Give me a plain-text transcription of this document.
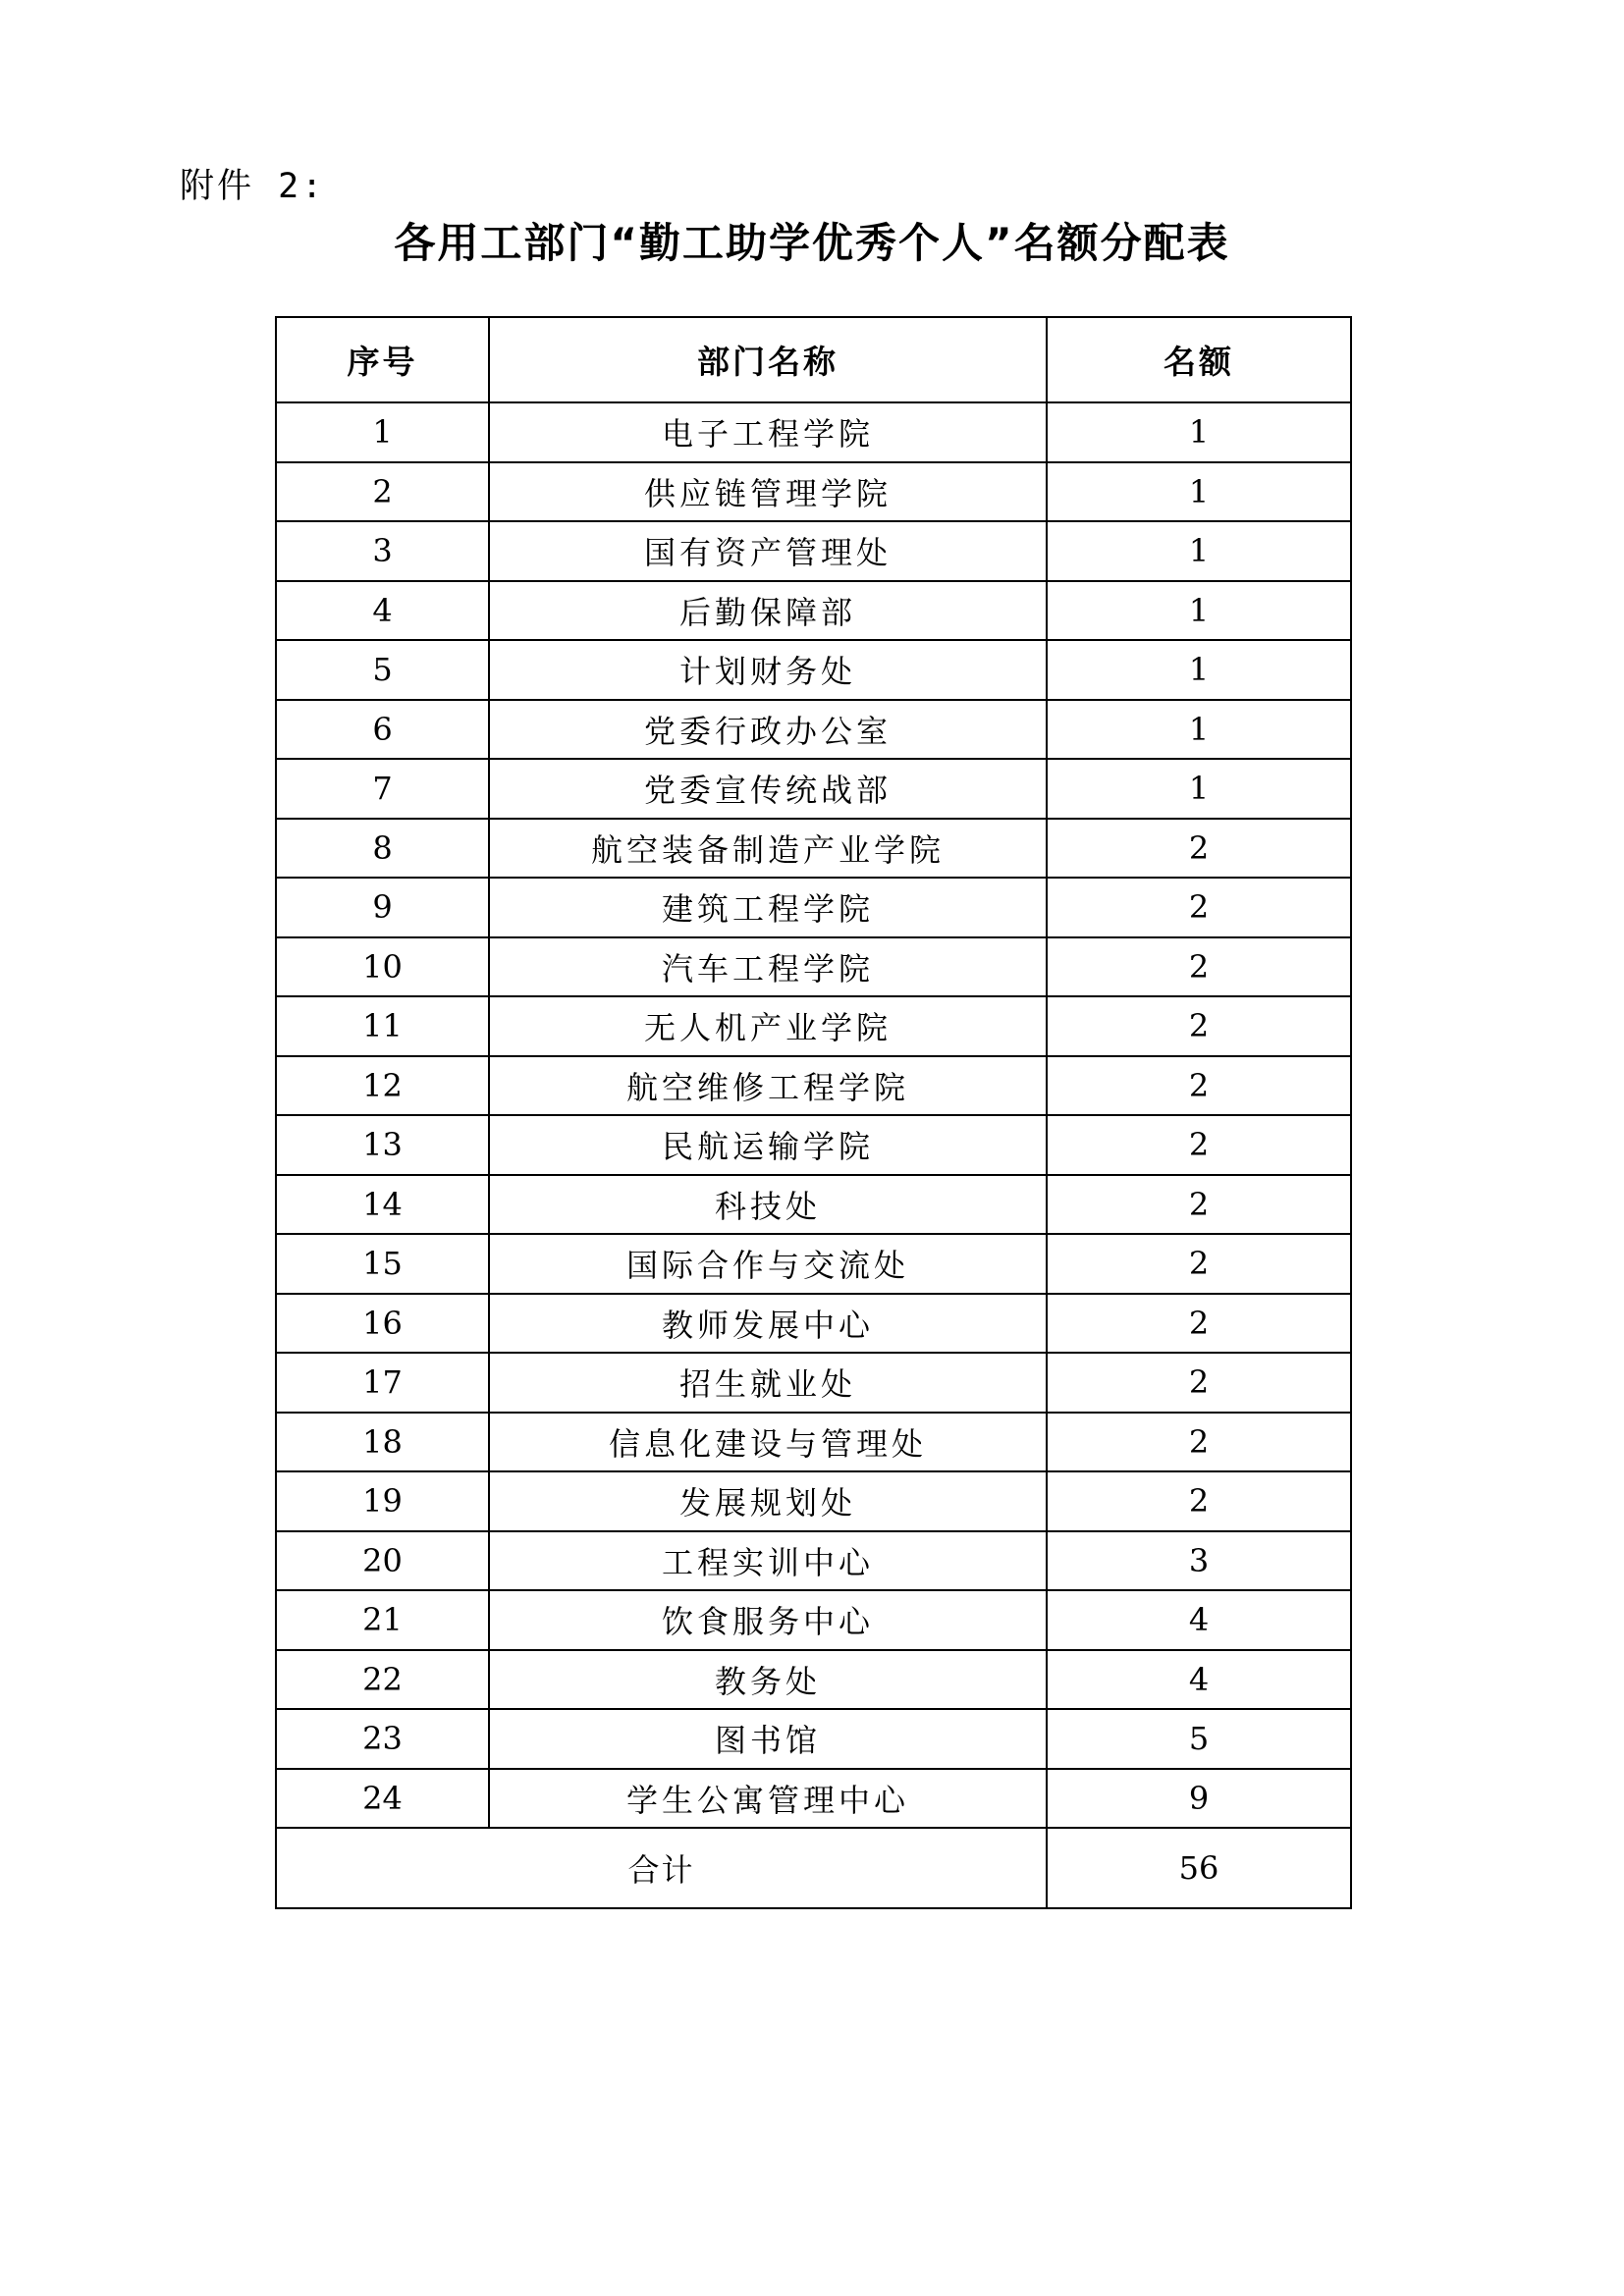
附件 2:
各用工部门“勤工助学优秀个人”名额分配表
序号	部门名称	名额
1	电子工程学院	1
2	供应链管理学院	1
3	国有资产管理处	1
4	后勤保障部	1
5	计划财务处	1
6	党委行政办公室	1
7	党委宣传统战部	1
8	航空装备制造产业学院	2
9	建筑工程学院	2
10	汽车工程学院	2
11	无人机产业学院	2
12	航空维修工程学院	2
13	民航运输学院	2
14	科技处	2
15	国际合作与交流处	2
16	教师发展中心	2
17	招生就业处	2
18	信息化建设与管理处	2
19	发展规划处	2
20	工程实训中心	3
21	饮食服务中心	4
22	教务处	4
23	图书馆	5
24	学生公寓管理中心	9
合计		56
